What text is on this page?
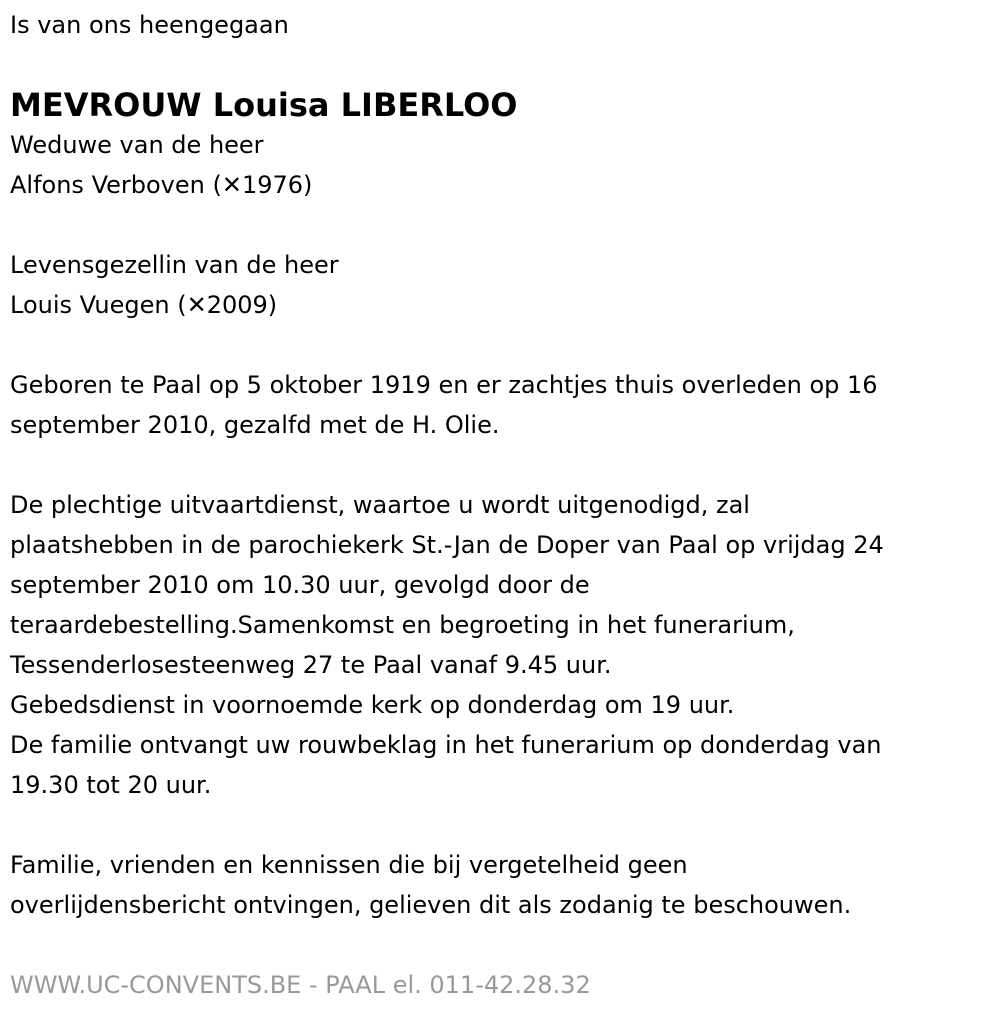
Is van ons heengegaan
MEVROUW Louisa LIBERLOO
Weduwe van de heer
Alfons Verboven (✕1976)
Levensgezellin van de heer
Louis Vuegen (✕2009)
Geboren te Paal op 5 oktober 1919 en er zachtjes thuis overleden op 16
september 2010, gezalfd met de H. Olie.
De plechtige uitvaartdienst, waartoe u wordt uitgenodigd, zal
plaatshebben in de parochiekerk St.-Jan de Doper van Paal op vrijdag 24
september 2010 om 10.30 uur, gevolgd door de
teraardebestelling.Samenkomst en begroeting in het funerarium,
Tessenderlosesteenweg 27 te Paal vanaf 9.45 uur.
Gebedsdienst in voornoemde kerk op donderdag om 19 uur.
De familie ontvangt uw rouwbeklag in het funerarium op donderdag van
19.30 tot 20 uur.
Familie, vrienden en kennissen die bij vergetelheid geen
overlijdensbericht ontvingen, gelieven dit als zodanig te beschouwen.
WWW.UC-CONVENTS.BE - PAAL el. 011-42.28.32
